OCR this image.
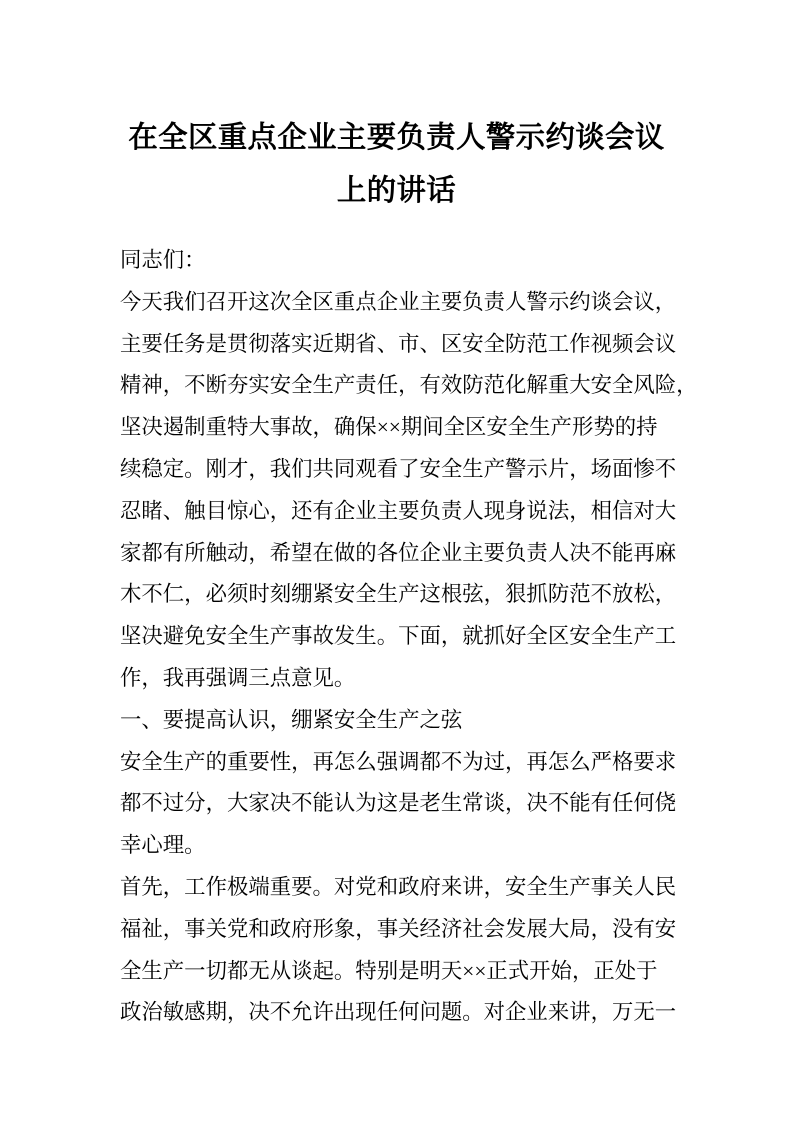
在全区重点企业主要负责人警示约谈会议
上的讲话
同志们：
今天我们召开这次全区重点企业主要负责人警示约谈会议，
主要任务是贯彻落实近期省、市、区安全防范工作视频会议
精神，不断夯实安全生产责任，有效防范化解重大安全风险，
坚决遏制重特大事故，确保××期间全区安全生产形势的持
续稳定。刚才，我们共同观看了安全生产警示片，场面惨不
忍睹、触目惊心，还有企业主要负责人现身说法，相信对大
家都有所触动，希望在做的各位企业主要负责人决不能再麻
木不仁，必须时刻绷紧安全生产这根弦，狠抓防范不放松，
坚决避免安全生产事故发生。下面，就抓好全区安全生产工
作，我再强调三点意见。
一、要提高认识，绷紧安全生产之弦
安全生产的重要性，再怎么强调都不为过，再怎么严格要求
都不过分，大家决不能认为这是老生常谈，决不能有任何侥
幸心理。
首先，工作极端重要。对党和政府来讲，安全生产事关人民
福祉，事关党和政府形象，事关经济社会发展大局，没有安
全生产一切都无从谈起。特别是明天××正式开始，正处于
政治敏感期，决不允许出现任何问题。对企业来讲，万无一
